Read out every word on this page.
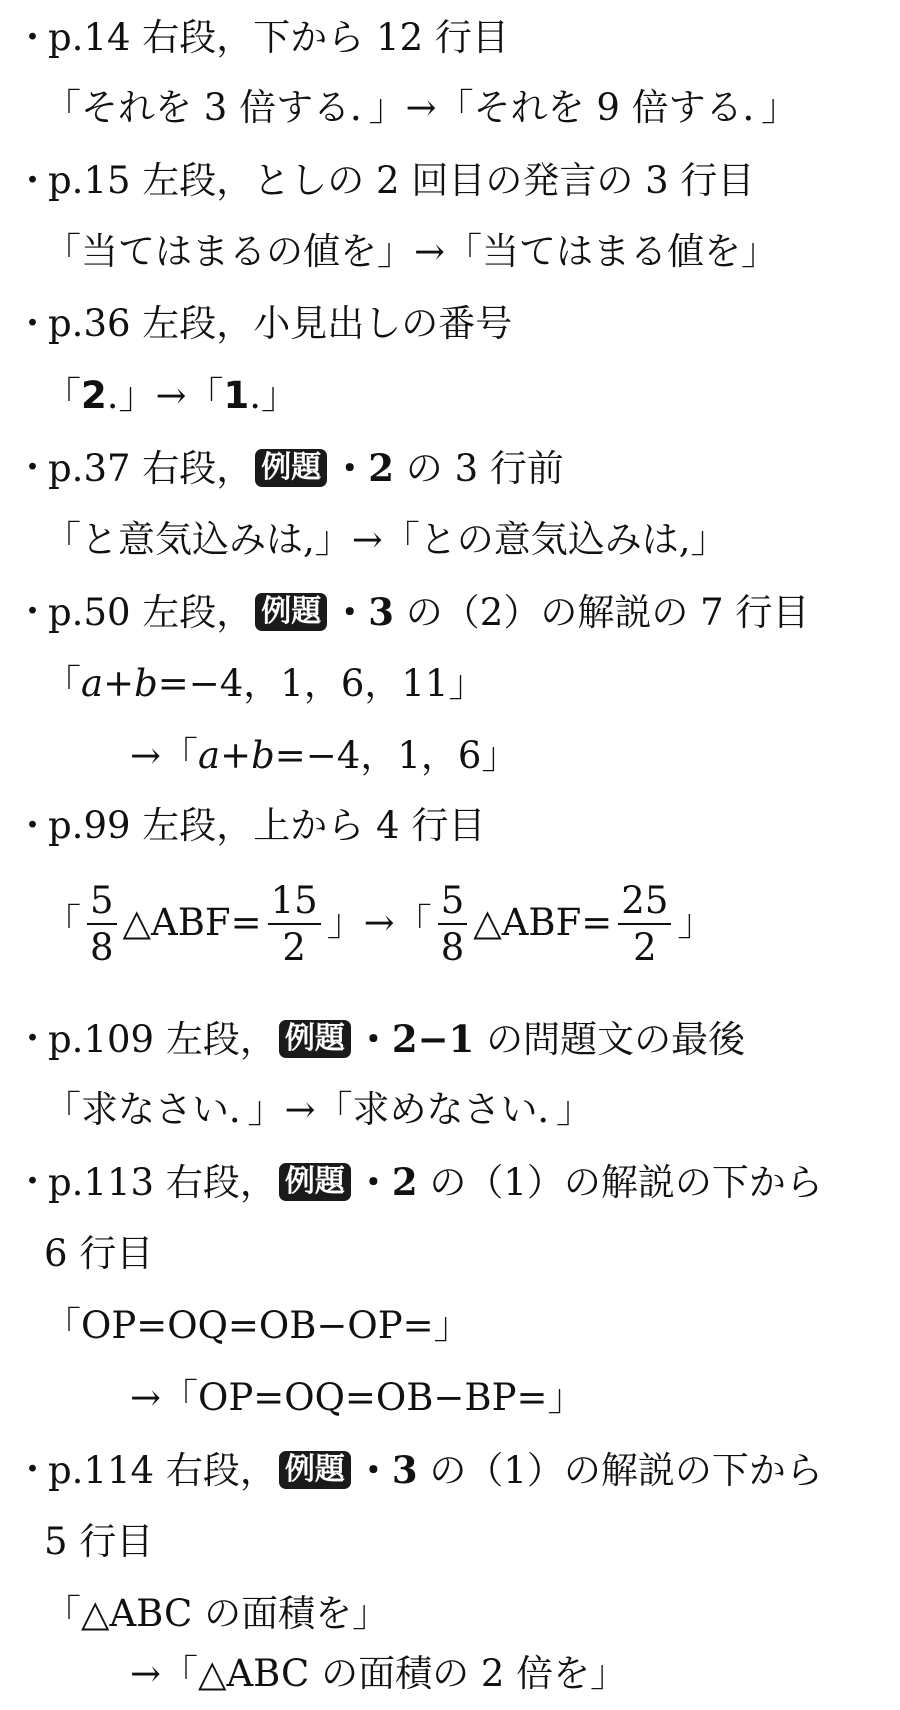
・
p.14 右段，下から 12 行目
「それを 3 倍する．」→「それを 9 倍する．」
・
p.15 左段，としの 2 回目の発言の 3 行目
「当てはまるの値を」→「当てはまる値を」
・
p.36 左段，小見出しの番号
「2.」→「1.」
・
p.37 右段， 例題 ・2 の 3 行前
「と意気込みは,」→「との意気込みは,」
・
p.50 左段， 例題 ・3 の（2）の解説の 7 行目
「a+b=−4，1，6，11」
→「a+b=−4，1，6」
・
p.99 左段，上から 4 行目
「 $\frac{5}{8}$ △ABF= $\frac{15}{2}$ 」→「 $\frac{5}{8}$ △ABF= $\frac{25}{2}$ 」
・
p.109 左段， 例題 ・2−1 の問題文の最後
「求なさい．」→「求めなさい．」
・
p.113 右段， 例題 ・2 の（1）の解説の下から
6 行目
「OP=OQ=OB−OP=」
→「OP=OQ=OB−BP=」
・
p.114 右段， 例題 ・3 の（1）の解説の下から
5 行目
「△ABC の面積を」
→「△ABC の面積の 2 倍を」
